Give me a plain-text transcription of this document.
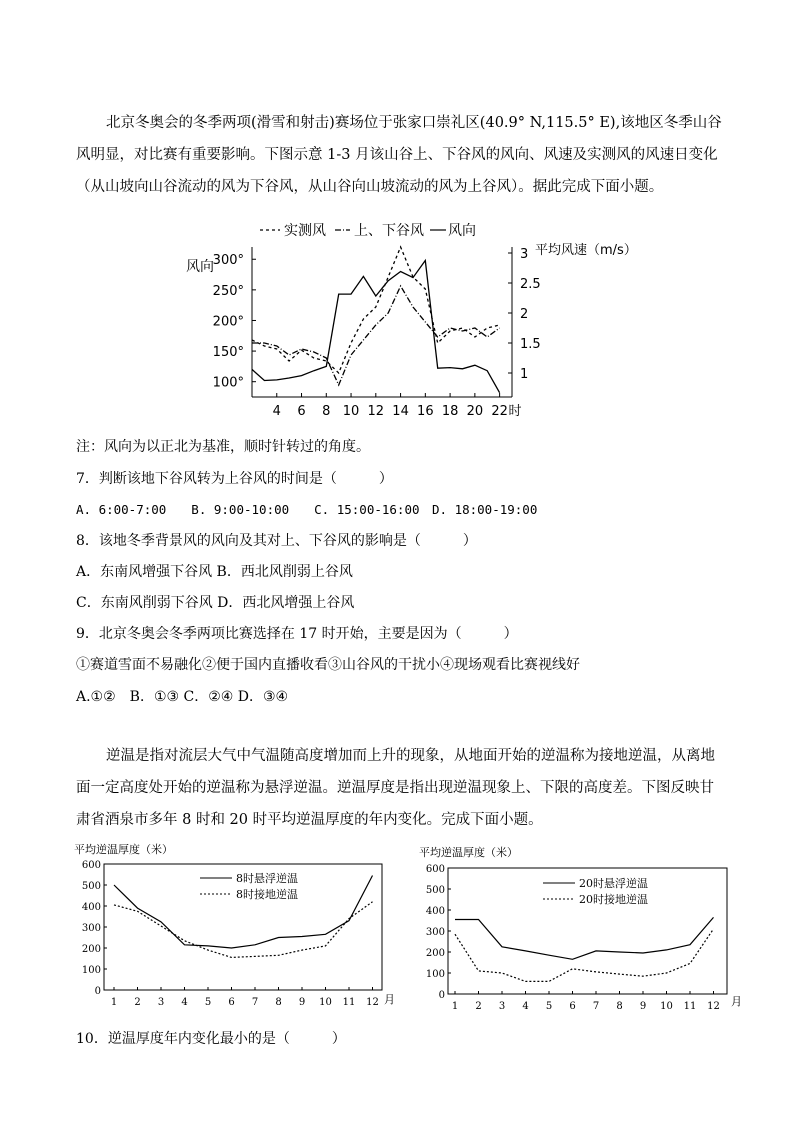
北京冬奥会的冬季两项(滑雪和射击)赛场位于张家口崇礼区(40.9° N,115.5° E),该地区冬季山谷风明显，对比赛有重要影响。下图示意 1-3 月该山谷上、下谷风的风向、风速及实测风的风速日变化（从山坡向山谷流动的风为下谷风，从山谷向山坡流动的风为上谷风）。据此完成下面小题。
实测风 上、下谷风 风向
风向
平均风速（m/s）
100°
150°
200°
250°
300°
1
1.5
2
2.5
3
4 6 8 10 12 14 16 18 20 22 时
注：风向为以正北为基准，顺时针转过的角度。
7．判断该地下谷风转为上谷风的时间是（　　　）
A. 6:00-7:00　　B. 9:00-10:00　　C. 15:00-16:00　D. 18:00-19:00
8．该地冬季背景风的风向及其对上、下谷风的影响是（　　　）
A．东南风增强下谷风 B．西北风削弱上谷风
C．东南风削弱下谷风 D．西北风增强上谷风
9．北京冬奥会冬季两项比赛选择在 17 时开始，主要是因为（　　　）
①赛道雪面不易融化②便于国内直播收看③山谷风的干扰小④现场观看比赛视线好
A.①②　B．①③ C．②④ D．③④
逆温是指对流层大气中气温随高度增加而上升的现象，从地面开始的逆温称为接地逆温，从离地面一定高度处开始的逆温称为悬浮逆温。逆温厚度是指出现逆温现象上、下限的高度差。下图反映甘肃省酒泉市多年 8 时和 20 时平均逆温厚度的年内变化。完成下面小题。
平均逆温厚度（米）
0
100
200
300
400
500
600
1 2 3 4 5 6 7 8 9 10 11 12
8时悬浮逆温
8时接地逆温
月
平均逆温厚度（米）
0
100
200
300
400
500
600
1 2 3 4 5 6 7 8 9 10 11 12
20时悬浮逆温
20时接地逆温
月
10．逆温厚度年内变化最小的是（　　　）
